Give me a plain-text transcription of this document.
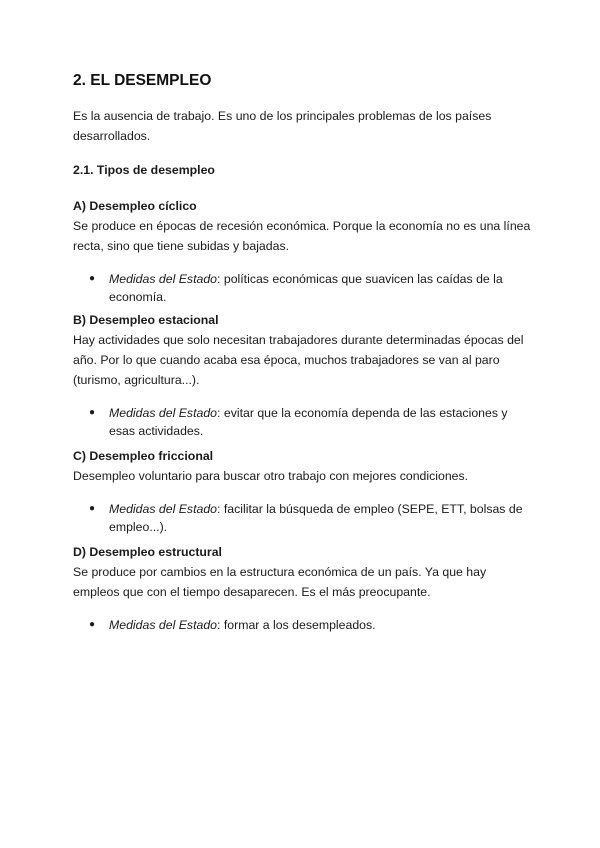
2. EL DESEMPLEO

Es la ausencia de trabajo. Es uno de los principales problemas de los países desarrollados.

2.1. Tipos de desempleo
A) Desempleo cíclico

Se produce en épocas de recesión económica. Porque la economía no es una línea recta, sino que tiene subidas y bajadas.

● Medidas del Estado: políticas económicas que suavicen las caídas de la economía.
B) Desempleo estacional

Hay actividades que solo necesitan trabajadores durante determinadas épocas del año. Por lo que cuando acaba esa época, muchos trabajadores se van al paro (turismo, agricultura...).

● Medidas del Estado: evitar que la economía dependa de las estaciones y esas actividades.
C) Desempleo friccional

Desempleo voluntario para buscar otro trabajo con mejores condiciones.

● Medidas del Estado: facilitar la búsqueda de empleo (SEPE, ETT, bolsas de empleo...).
D) Desempleo estructural

Se produce por cambios en la estructura económica de un país. Ya que hay empleos que con el tiempo desaparecen. Es el más preocupante.

● Medidas del Estado: formar a los desempleados.
